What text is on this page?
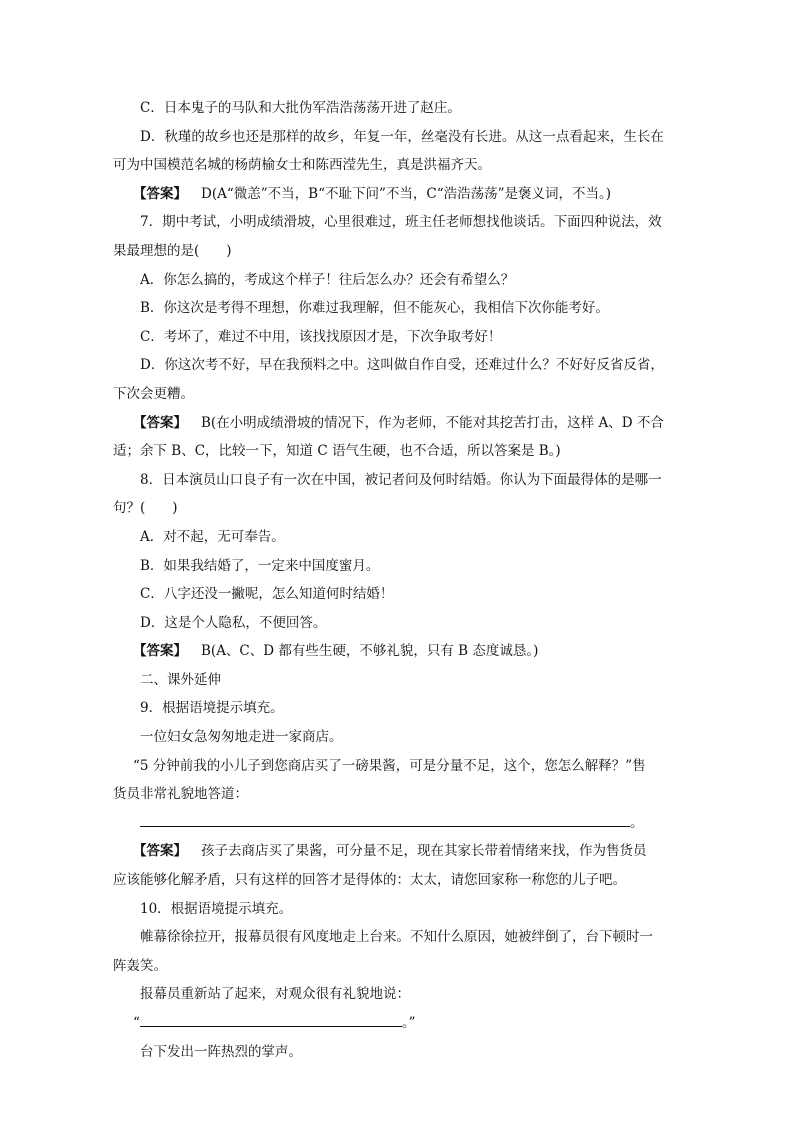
C．日本鬼子的马队和大批伪军浩浩荡荡开进了赵庄。
D．秋瑾的故乡也还是那样的故乡，年复一年，丝毫没有长进。从这一点看起来，生长在
可为中国模范名城的杨荫榆女士和陈西滢先生，真是洪福齐天。
【答案】 D(A“微恙”不当，B“不耻下问”不当，C“浩浩荡荡”是褒义词，不当。)
7．期中考试，小明成绩滑坡，心里很难过，班主任老师想找他谈话。下面四种说法，效
果最理想的是(　　)
A．你怎么搞的，考成这个样子！往后怎么办？还会有希望么？
B．你这次是考得不理想，你难过我理解，但不能灰心，我相信下次你能考好。
C．考坏了，难过不中用，该找找原因才是，下次争取考好！
D．你这次考不好，早在我预料之中。这叫做自作自受，还难过什么？不好好反省反省，
下次会更糟。
【答案】 B(在小明成绩滑坡的情况下，作为老师，不能对其挖苦打击，这样 A、D 不合
适；余下 B、C，比较一下，知道 C 语气生硬，也不合适，所以答案是 B。)
8．日本演员山口良子有一次在中国，被记者问及何时结婚。你认为下面最得体的是哪一
句？(　　)
A．对不起，无可奉告。
B．如果我结婚了，一定来中国度蜜月。
C．八字还没一撇呢，怎么知道何时结婚！
D．这是个人隐私，不便回答。
【答案】 B(A、C、D 都有些生硬，不够礼貌，只有 B 态度诚恳。)
二、课外延伸
9．根据语境提示填充。
一位妇女急匆匆地走进一家商店。
“5 分钟前我的小儿子到您商店买了一磅果酱，可是分量不足，这个，您怎么解释？”售
货员非常礼貌地答道：
。
【答案】 孩子去商店买了果酱，可分量不足，现在其家长带着情绪来找，作为售货员
应该能够化解矛盾，只有这样的回答才是得体的：太太，请您回家称一称您的儿子吧。
10．根据语境提示填充。
帷幕徐徐拉开，报幕员很有风度地走上台来。不知什么原因，她被绊倒了，台下顿时一
阵轰笑。
报幕员重新站了起来，对观众很有礼貌地说：
“	。”
台下发出一阵热烈的掌声。
